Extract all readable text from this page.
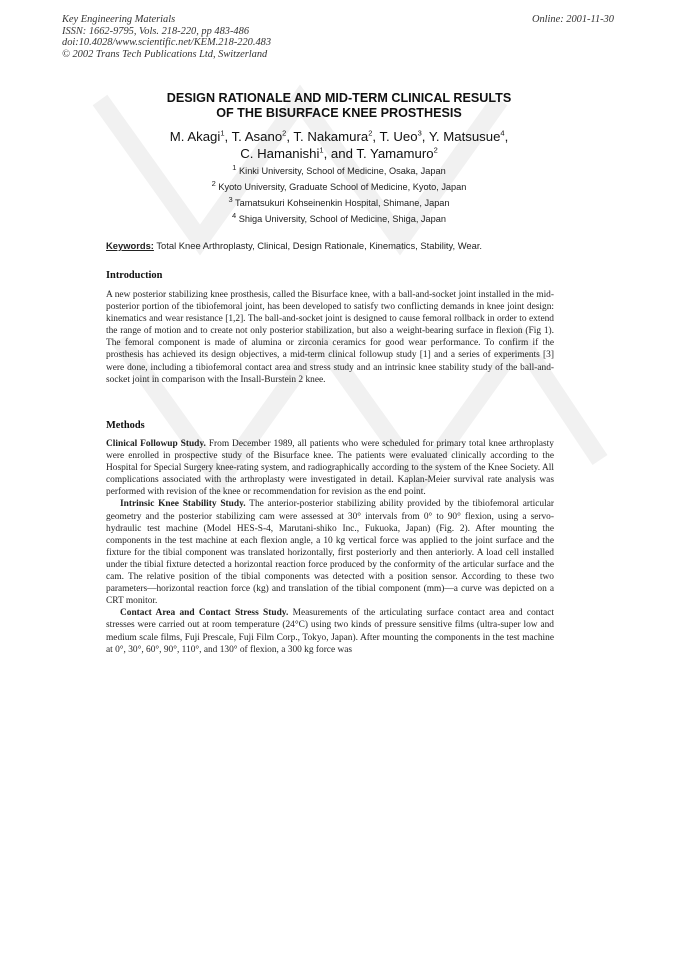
Key Engineering Materials
ISSN: 1662-9795, Vols. 218-220, pp 483-486
doi:10.4028/www.scientific.net/KEM.218-220.483
© 2002 Trans Tech Publications Ltd, Switzerland
Online: 2001-11-30
DESIGN RATIONALE AND MID-TERM CLINICAL RESULTS
OF THE BISURFACE KNEE PROSTHESIS
M. Akagi$^1$, T. Asano$^2$, T. Nakamura$^2$, T. Ueo$^3$, Y. Matsusue$^4$,
C. Hamanishi$^1$, and T. Yamamuro$^2$
$^1$ Kinki University, School of Medicine, Osaka, Japan
$^2$ Kyoto University, Graduate School of Medicine, Kyoto, Japan
$^3$ Tamatsukuri Kohseinenkin Hospital, Shimane, Japan
$^4$ Shiga University, School of Medicine, Shiga, Japan
Keywords: Total Knee Arthroplasty, Clinical, Design Rationale, Kinematics, Stability, Wear.
Introduction

A new posterior stabilizing knee prosthesis, called the Bisurface knee, with a ball-and-socket joint installed in the mid-posterior portion of the tibiofemoral joint, has been developed to satisfy two conflicting demands in knee joint design: kinematics and wear resistance [1,2]. The ball-and-socket joint is designed to cause femoral rollback in order to extend the range of motion and to create not only posterior stabilization, but also a weight-bearing surface in flexion (Fig 1). The femoral component is made of alumina or zirconia ceramics for good wear performance. To confirm if the prosthesis has achieved its design objectives, a mid-term clinical followup study [1] and a series of experiments [3] were done, including a tibiofemoral contact area and stress study and an intrinsic knee stability study of the ball-and-socket joint in comparison with the Insall-Burstein 2 knee.

Methods

Clinical Followup Study. From December 1989, all patients who were scheduled for primary total knee arthroplasty were enrolled in prospective study of the Bisurface knee. The patients were evaluated clinically according to the Hospital for Special Surgery knee-rating system, and radiographically according to the system of the Knee Society. All complications associated with the arthroplasty were investigated in detail. Kaplan-Meier survival rate analysis was performed with revision of the knee or recommendation for revision as the end point.

Intrinsic Knee Stability Study. The anterior-posterior stabilizing ability provided by the tibiofemoral articular geometry and the posterior stabilizing cam were assessed at 30° intervals from 0° to 90° flexion, using a servo-hydraulic test machine (Model HES-S-4, Marutani-shiko Inc., Fukuoka, Japan) (Fig. 2). After mounting the components in the test machine at each flexion angle, a 10 kg vertical force was applied to the joint surface and the fixture for the tibial component was translated horizontally, first posteriorly and then anteriorly. A load cell installed under the tibial fixture detected a horizontal reaction force produced by the conformity of the articular surface and the cam. The relative position of the tibial components was detected with a position sensor. According to these two parameters—horizontal reaction force (kg) and translation of the tibial component (mm)—a curve was depicted on a CRT monitor.

Contact Area and Contact Stress Study. Measurements of the articulating surface contact area and contact stresses were carried out at room temperature (24°C) using two kinds of pressure sensitive films (ultra-super low and medium scale films, Fuji Prescale, Fuji Film Corp., Tokyo, Japan). After mounting the components in the test machine at 0°, 30°, 60°, 90°, 110°, and 130° of flexion, a 300 kg force was
